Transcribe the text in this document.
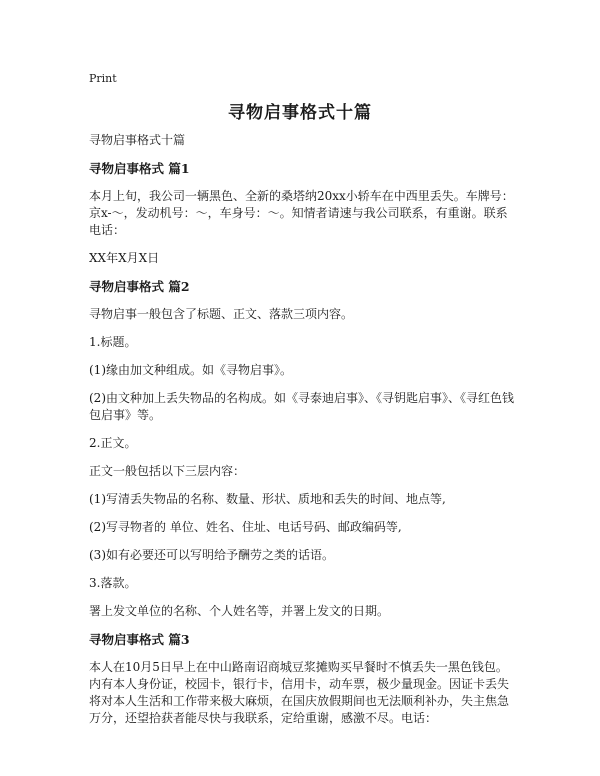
Print
寻物启事格式十篇

寻物启事格式十篇

寻物启事格式 篇1

本月上旬，我公司一辆黑色、全新的桑塔纳20xx小轿车在中西里丢失。车牌号：京x-～，发动机号：～，车身号：～。知情者请速与我公司联系，有重谢。联系电话：

XX年X月X日

寻物启事格式 篇2

寻物启事一般包含了标题、正文、落款三项内容。

1.标题。

(1)缘由加文种组成。如《寻物启事》。

(2)由文种加上丢失物品的名构成。如《寻泰迪启事》、《寻钥匙启事》、《寻红色钱包启事》等。

2.正文。

正文一般包括以下三层内容：

(1)写清丢失物品的名称、数量、形状、质地和丢失的时间、地点等,

(2)写寻物者的 单位、姓名、住址、电话号码、邮政编码等,

(3)如有必要还可以写明给予酬劳之类的话语。

3.落款。

署上发文单位的名称、个人姓名等，并署上发文的日期。

寻物启事格式 篇3

本人在10月5日早上在中山路南诏商城豆浆摊购买早餐时不慎丢失一黑色钱包。内有本人身份证，校园卡，银行卡，信用卡，动车票，极少量现金。因证卡丢失将对本人生活和工作带来极大麻烦，在国庆放假期间也无法顺利补办，失主焦急万分，还望拾获者能尽快与我联系，定给重谢，感激不尽。电话：
